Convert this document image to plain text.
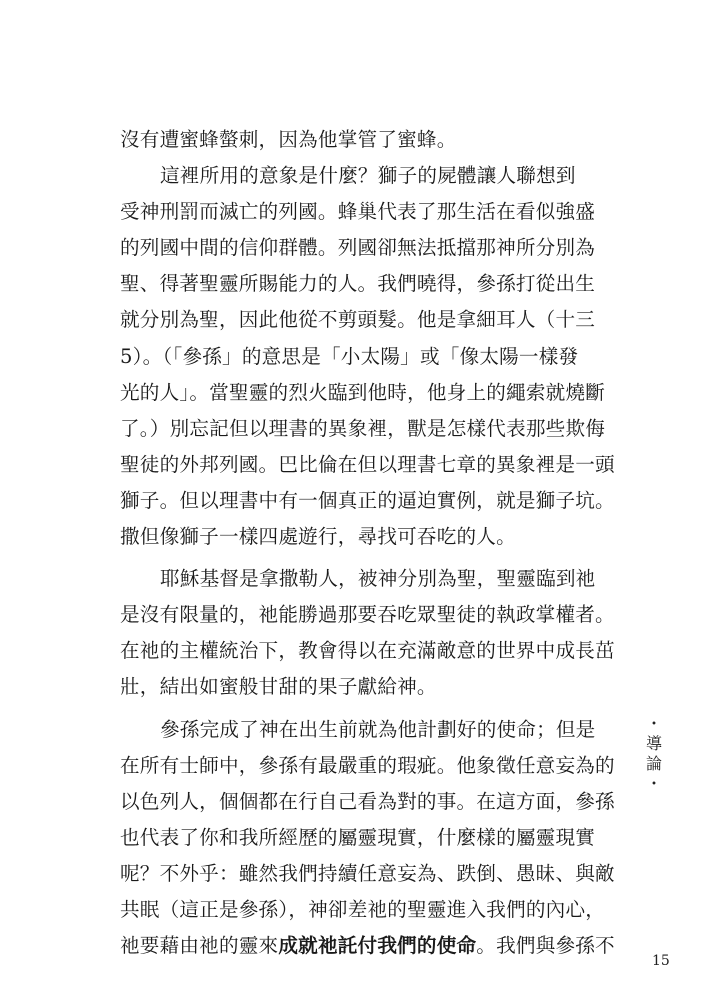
沒有遭蜜蜂螫刺，因為他掌管了蜜蜂。
這裡所用的意象是什麼？獅子的屍體讓人聯想到
受神刑罰而滅亡的列國。蜂巢代表了那生活在看似強盛
的列國中間的信仰群體。列國卻無法抵擋那神所分別為
聖、得著聖靈所賜能力的人。我們曉得，參孫打從出生
就分別為聖，因此他從不剪頭髮。他是拿細耳人（十三
5）。（「參孫」的意思是「小太陽」或「像太陽一樣發
光的人」。當聖靈的烈火臨到他時，他身上的繩索就燒斷
了。）別忘記但以理書的異象裡，獸是怎樣代表那些欺侮
聖徒的外邦列國。巴比倫在但以理書七章的異象裡是一頭
獅子。但以理書中有一個真正的逼迫實例，就是獅子坑。
撒但像獅子一樣四處遊行，尋找可吞吃的人。
耶穌基督是拿撒勒人，被神分別為聖，聖靈臨到祂
是沒有限量的，祂能勝過那要吞吃眾聖徒的執政掌權者。
在祂的主權統治下，教會得以在充滿敵意的世界中成長茁
壯，結出如蜜般甘甜的果子獻給神。
參孫完成了神在出生前就為他計劃好的使命；但是
在所有士師中，參孫有最嚴重的瑕疵。他象徵任意妄為的
以色列人，個個都在行自己看為對的事。在這方面，參孫
也代表了你和我所經歷的屬靈現實，什麼樣的屬靈現實
呢？不外乎：雖然我們持續任意妄為、跌倒、愚昧、與敵
共眠（這正是參孫），神卻差祂的聖靈進入我們的內心，
祂要藉由祂的靈來成就祂託付我們的使命。我們與參孫不
・
導
論
・
15
